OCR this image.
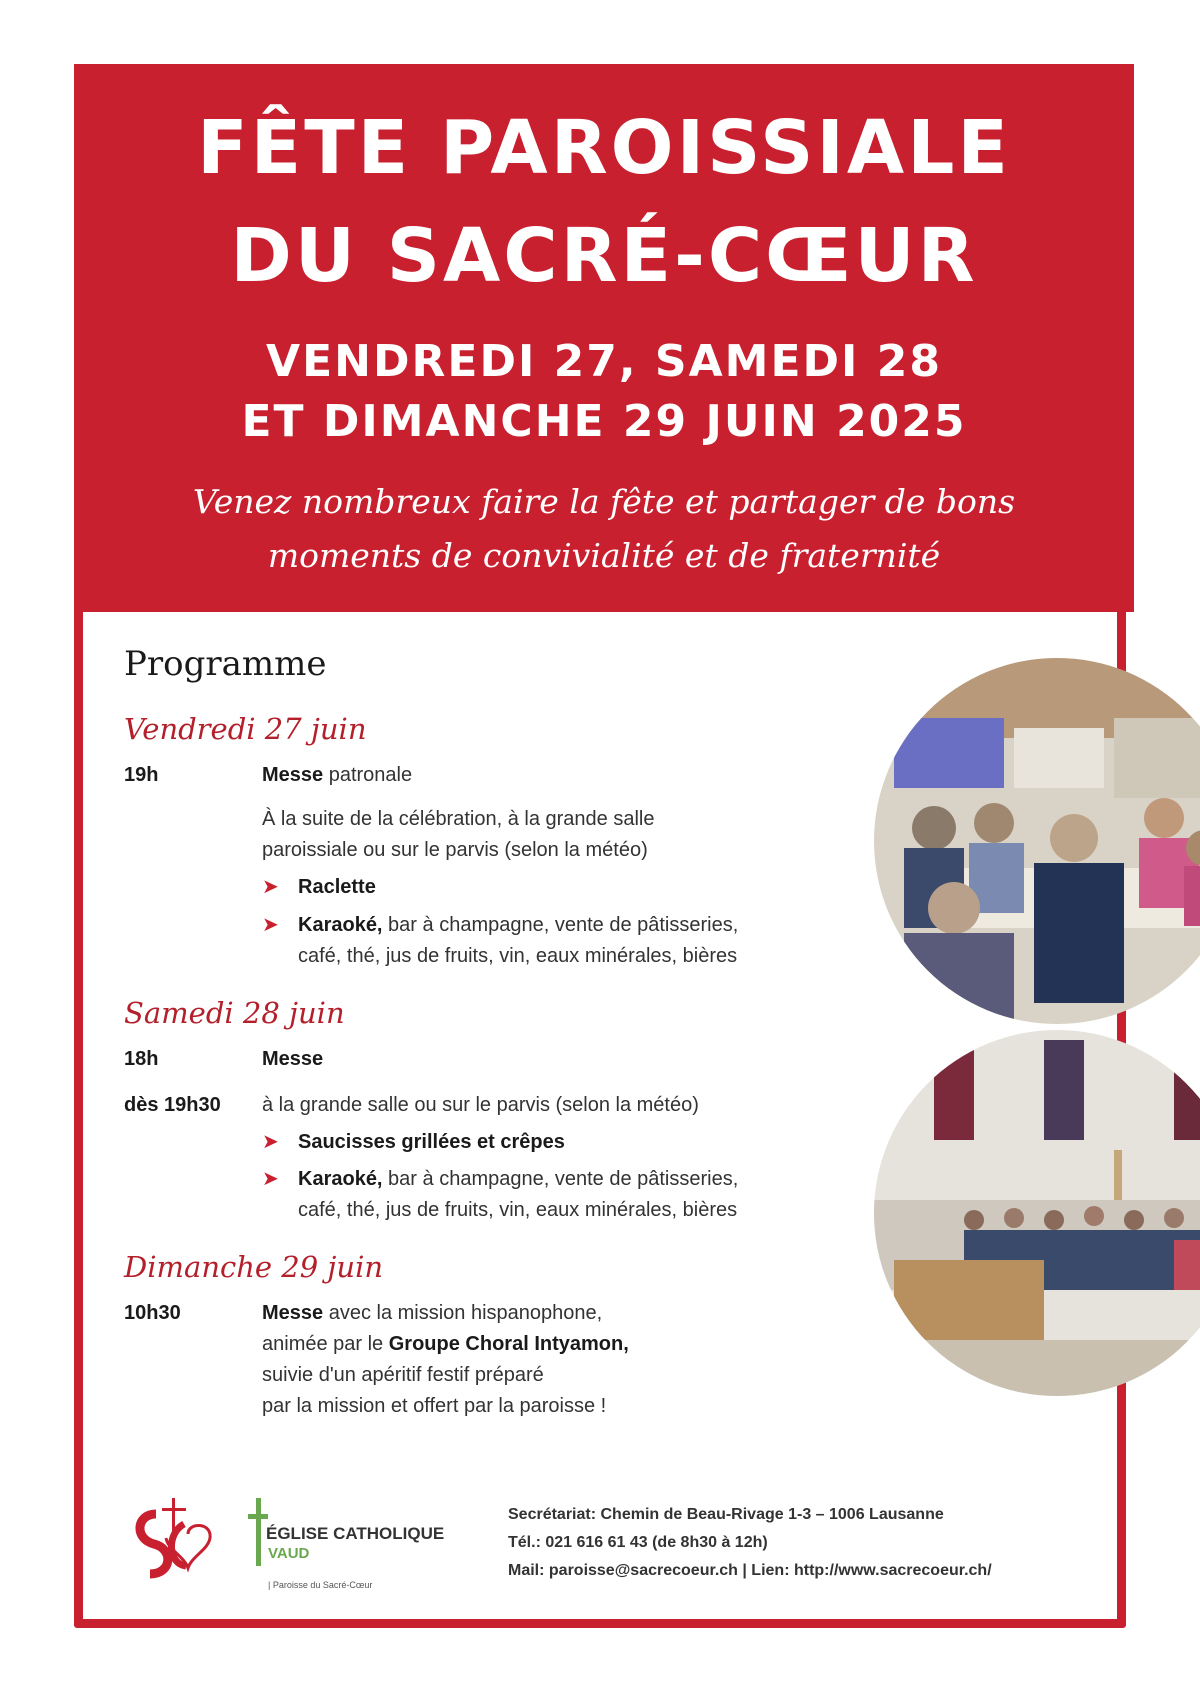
FÊTE PAROISSIALE
DU SACRÉ-CŒUR
VENDREDI 27, SAMEDI 28
ET DIMANCHE 29 JUIN 2025
Venez nombreux faire la fête et partager de bons
moments de convivialité et de fraternité
Programme
Vendredi 27 juin
19h	Messe patronale
À la suite de la célébration, à la grande salle
paroissiale ou sur le parvis (selon la météo)
➤ Raclette
➤ Karaoké, bar à champagne, vente de pâtisseries,
café, thé, jus de fruits, vin, eaux minérales, bières
Samedi 28 juin
18h	Messe
dès 19h30 à la grande salle ou sur le parvis (selon la météo)
➤ Saucisses grillées et crêpes
➤ Karaoké, bar à champagne, vente de pâtisseries,
café, thé, jus de fruits, vin, eaux minérales, bières
Dimanche 29 juin
10h30	Messe avec la mission hispanophone,
animée par le Groupe Choral Intyamon,
suivie d'un apéritif festif préparé
par la mission et offert par la paroisse !
ÉGLISE CATHOLIQUE
VAUD
| Paroisse du Sacré-Cœur
Secrétariat: Chemin de Beau-Rivage 1-3 – 1006 Lausanne
Tél.: 021 616 61 43 (de 8h30 à 12h)
Mail: paroisse@sacrecoeur.ch | Lien: http://www.sacrecoeur.ch/
